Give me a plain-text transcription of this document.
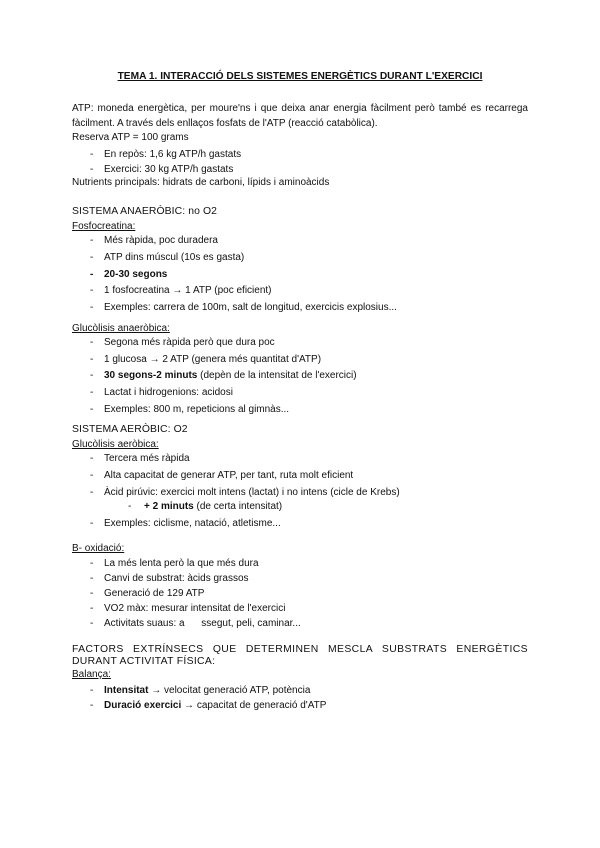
TEMA 1. INTERACCIÓ DELS SISTEMES ENERGÈTICS DURANT L'EXERCICI
ATP: moneda energètica, per moure'ns i que deixa anar energia fàcilment però també es recarrega fàcilment. A través dels enllaços fosfats de l'ATP (reacció catabòlica).
Reserva ATP = 100 grams
- En repòs: 1,6 kg ATP/h gastats
- Exercici: 30 kg ATP/h gastats
Nutrients principals: hidrats de carboni, lípids i aminoàcids
SISTEMA ANAERÒBIC: no O2
Fosfocreatina:
- Més ràpida, poc duradera
- ATP dins múscul (10s es gasta)
- 20-30 segons
- 1 fosfocreatina → 1 ATP (poc eficient)
- Exemples: carrera de 100m, salt de longitud, exercicis explosius...
Glucòlisis anaeròbica:
- Segona més ràpida però que dura poc
- 1 glucosa → 2 ATP (genera més quantitat d'ATP)
- 30 segons-2 minuts (depèn de la intensitat de l'exercici)
- Lactat i hidrogenions: acidosi
- Exemples: 800 m, repeticions al gimnàs...
SISTEMA AERÒBIC: O2
Glucòlisis aeròbica:
- Tercera més ràpida
- Alta capacitat de generar ATP, per tant, ruta molt eficient
- Àcid pirúvic: exercici molt intens (lactat) i no intens (cicle de Krebs)
- + 2 minuts (de certa intensitat)
- Exemples: ciclisme, natació, atletisme...
B- oxidació:
- La més lenta però la que més dura
- Canvi de substrat: àcids grassos
- Generació de 129 ATP
- VO2 màx: mesurar intensitat de l'exercici
- Activitats suaus: a      ssegut, peli, caminar...
FACTORS EXTRÍNSECS QUE DETERMINEN MESCLA SUBSTRATS ENERGÈTICS
DURANT ACTIVITAT FÍSICA:
Balança:
- Intensitat → velocitat generació ATP, potència
- Duració exercici → capacitat de generació d'ATP
